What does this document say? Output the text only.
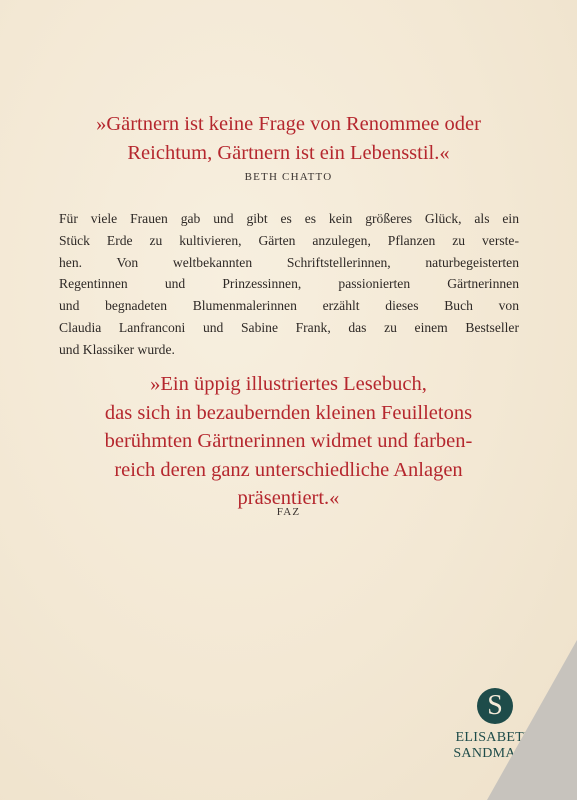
»Gärtnern ist keine Frage von Renommee oder
Reichtum, Gärtnern ist ein Lebensstil.«
BETH CHATTO
Für viele Frauen gab und gibt es es kein größeres Glück, als ein
Stück Erde zu kultivieren, Gärten anzulegen, Pflanzen zu verste-
hen. Von weltbekannten Schriftstellerinnen, naturbegeisterten
Regentinnen und Prinzessinnen, passionierten Gärtnerinnen
und begnadeten Blumenmalerinnen erzählt dieses Buch von
Claudia Lanfranconi und Sabine Frank, das zu einem Bestseller
und Klassiker wurde.
»Ein üppig illustriertes Lesebuch,
das sich in bezaubernden kleinen Feuilletons
berühmten Gärtnerinnen widmet und farben-
reich deren ganz unterschiedliche Anlagen
präsentiert.«
FAZ
S
ELISABETH
SANDMANN
